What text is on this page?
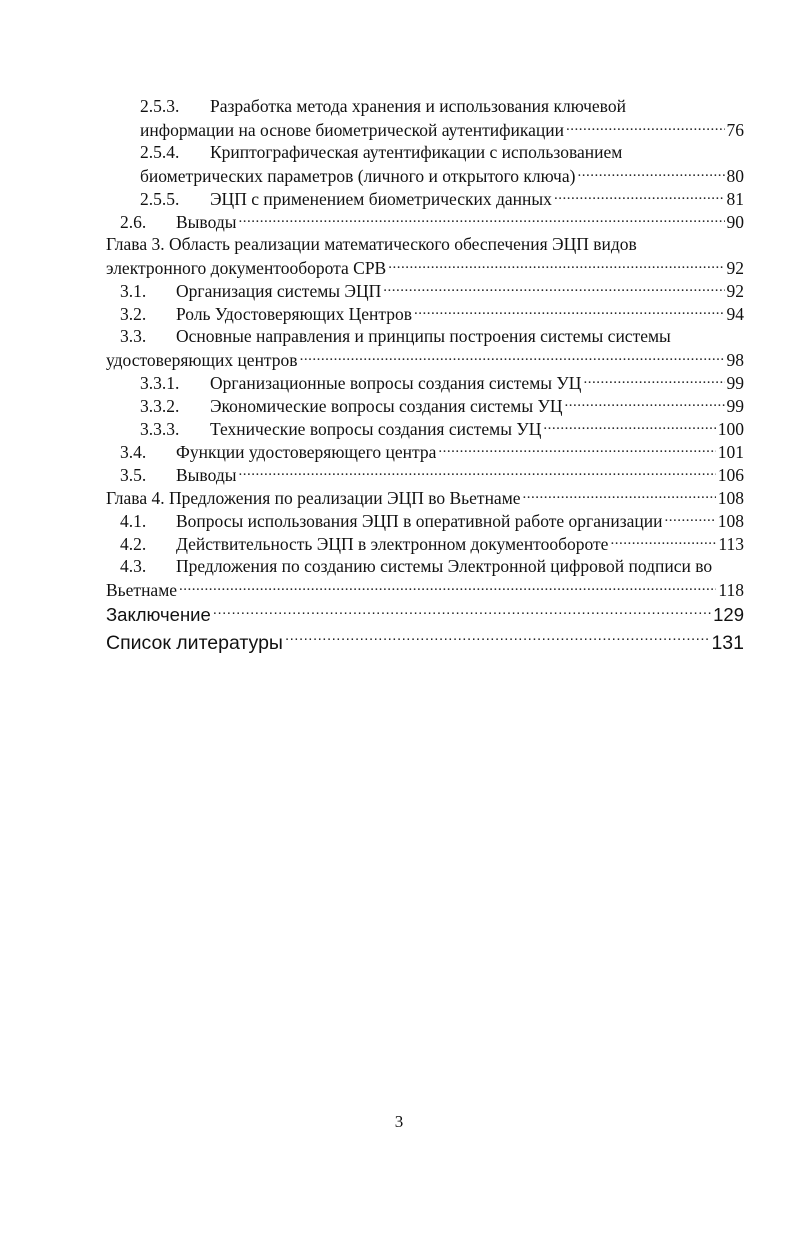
2.5.3.	Разработка метода хранения и использования ключевой
информации на основе биометрической аутентификации .....	76
2.5.4.	Криптографическая аутентификации с использованием
биометрических параметров (личного и открытого ключа) .....	80
2.5.5.	ЭЦП с применением биометрических данных .....	81
2.6.	Выводы .....	90
Глава 3. Область реализации математического обеспечения ЭЦП видов
электронного документооборота СРВ .....	92
3.1.	Организация системы ЭЦП .....	92
3.2.	Роль Удостоверяющих Центров .....	94
3.3.	Основные направления и принципы построения системы системы
удостоверяющих центров .....	98
3.3.1.	Организационные вопросы создания системы УЦ .....	99
3.3.2.	Экономические вопросы создания системы УЦ .....	99
3.3.3.	Технические вопросы создания системы УЦ .....	100
3.4.	Функции удостоверяющего центра .....	101
3.5.	Выводы .....	106
Глава 4. Предложения по реализации ЭЦП во Вьетнаме .....	108
4.1.	Вопросы использования ЭЦП в оперативной работе организации .....	108
4.2.	Действительность ЭЦП в электронном документообороте .....	113
4.3.	Предложения по созданию системы Электронной цифровой подписи во
Вьетнаме .....	118
Заключение .....	129
Список литературы .....	131
3
